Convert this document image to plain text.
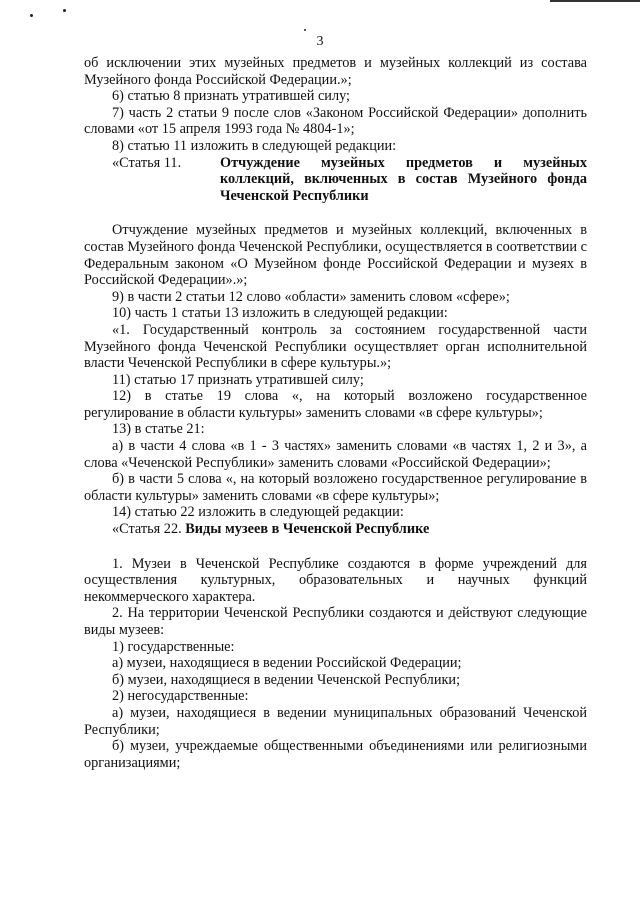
3

об исключении этих музейных предметов и музейных коллекций из состава Музейного фонда Российской Федерации.»;

6) статью 8 признать утратившей силу;

7) часть 2 статьи 9 после слов «Законом Российской Федерации» дополнить словами «от 15 апреля 1993 года № 4804-1»;

8) статью 11 изложить в следующей редакции:

«Статья 11.	Отчуждение музейных предметов и музейных коллекций, включенных в состав Музейного фонда Чеченской Республики

Отчуждение музейных предметов и музейных коллекций, включенных в состав Музейного фонда Чеченской Республики, осуществляется в соответствии с Федеральным законом «О Музейном фонде Российской Федерации и музеях в Российской Федерации».»;

9) в части 2 статьи 12 слово «области» заменить словом «сфере»;

10) часть 1 статьи 13 изложить в следующей редакции:

«1. Государственный контроль за состоянием государственной части Музейного фонда Чеченской Республики осуществляет орган исполнительной власти Чеченской Республики в сфере культуры.»;

11) статью 17 признать утратившей силу;

12) в статье 19 слова «, на который возложено государственное регулирование в области культуры» заменить словами «в сфере культуры»;

13) в статье 21:

а) в части 4 слова «в 1 - 3 частях» заменить словами «в частях 1, 2 и 3», а слова «Чеченской Республики» заменить словами «Российской Федерации»;

б) в части 5 слова «, на который возложено государственное регулирование в области культуры» заменить словами «в сфере культуры»;

14) статью 22 изложить в следующей редакции:

«Статья 22. Виды музеев в Чеченской Республике

1. Музеи в Чеченской Республике создаются в форме учреждений для осуществления культурных, образовательных и научных функций некоммерческого характера.

2. На территории Чеченской Республики создаются и действуют следующие виды музеев:

1) государственные:

а) музеи, находящиеся в ведении Российской Федерации;

б) музеи, находящиеся в ведении Чеченской Республики;

2) негосударственные:

а) музеи, находящиеся в ведении муниципальных образований Чеченской Республики;

б) музеи, учреждаемые общественными объединениями или религиозными организациями;
